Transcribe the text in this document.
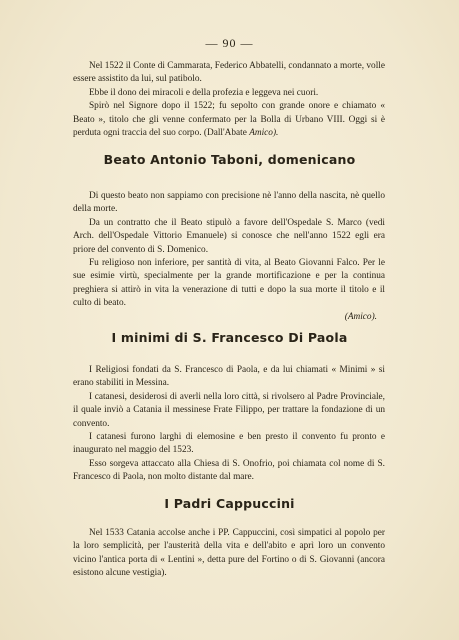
— 90 —

Nel 1522 il Conte di Cammarata, Federico Abbatelli, condannato a morte, volle essere assistito da lui, sul patibolo.

Ebbe il dono dei miracoli e della profezia e leggeva nei cuori.

Spirò nel Signore dopo il 1522; fu sepolto con grande onore e chiamato « Beato », titolo che gli venne confermato per la Bolla di Urbano VIII. Oggi si è perduta ogni traccia del suo corpo. (Dall'Abate Amico).

Beato Antonio Taboni, domenicano

Di questo beato non sappiamo con precisione nè l'anno della nascita, nè quello della morte.

Da un contratto che il Beato stipulò a favore dell'Ospedale S. Marco (vedi Arch. dell'Ospedale Vittorio Emanuele) si conosce che nell'anno 1522 egli era priore del convento di S. Domenico.

Fu religioso non inferiore, per santità di vita, al Beato Giovanni Falco. Per le sue esimie virtù, specialmente per la grande mortificazione e per la continua preghiera si attirò in vita la venerazione di tutti e dopo la sua morte il titolo e il culto di beato.

(Amico).

I minimi di S. Francesco Di Paola

I Religiosi fondati da S. Francesco di Paola, e da lui chiamati « Minimi » si erano stabiliti in Messina.

I catanesi, desiderosi di averli nella loro città, si rivolsero al Padre Provinciale, il quale inviò a Catania il messinese Frate Filippo, per trattare la fondazione di un convento.

I catanesi furono larghi di elemosine e ben presto il convento fu pronto e inaugurato nel maggio del 1523.

Esso sorgeva attaccato alla Chiesa di S. Onofrio, poi chiamata col nome di S. Francesco di Paola, non molto distante dal mare.

I Padri Cappuccini

Nel 1533 Catania accolse anche i PP. Cappuccini, così simpatici al popolo per la loro semplicità, per l'austerità della vita e dell'abito e aprì loro un convento vicino l'antica porta di « Lentini », detta pure del Fortino o di S. Giovanni (ancora esistono alcune vestigia).
